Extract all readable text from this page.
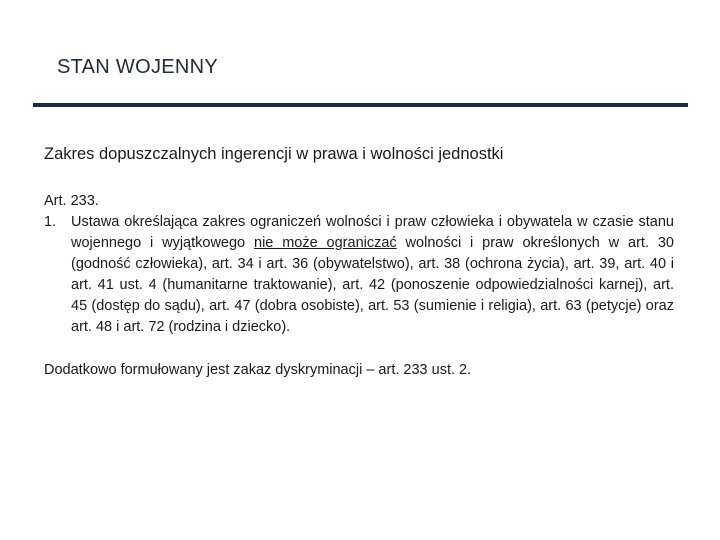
STAN WOJENNY

Zakres dopuszczalnych ingerencji w prawa i wolności jednostki

Art. 233.

1.	Ustawa określająca zakres ograniczeń wolności i praw człowieka i obywatela w czasie stanu wojennego i wyjątkowego nie może ograniczać wolności i praw określonych w art. 30 (godność człowieka), art. 34 i art. 36 (obywatelstwo), art. 38 (ochrona życia), art. 39, art. 40 i art. 41 ust. 4 (humanitarne traktowanie), art. 42 (ponoszenie odpowiedzialności karnej), art. 45 (dostęp do sądu), art. 47 (dobra osobiste), art. 53 (sumienie i religia), art. 63 (petycje) oraz art. 48 i art. 72 (rodzina i dziecko).

Dodatkowo formułowany jest zakaz dyskryminacji – art. 233 ust. 2.
